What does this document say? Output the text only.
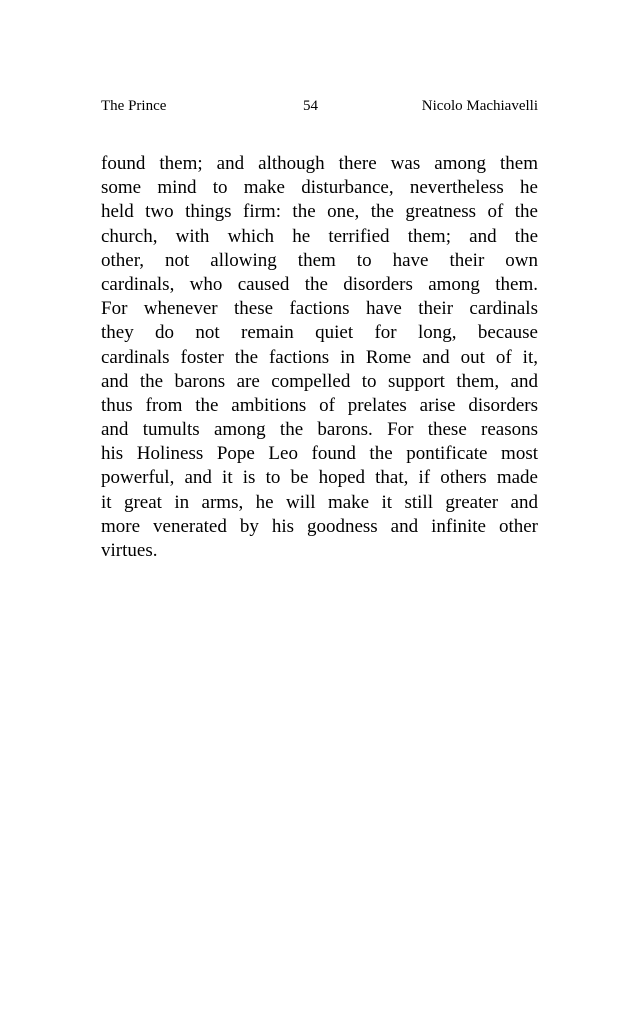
The Prince	54	Nicolo Machiavelli
found them; and although there was among them
some mind to make disturbance, nevertheless he
held two things firm: the one, the greatness of the
church, with which he terrified them; and the
other, not allowing them to have their own
cardinals, who caused the disorders among them.
For whenever these factions have their cardinals
they do not remain quiet for long, because
cardinals foster the factions in Rome and out of it,
and the barons are compelled to support them, and
thus from the ambitions of prelates arise disorders
and tumults among the barons. For these reasons
his Holiness Pope Leo found the pontificate most
powerful, and it is to be hoped that, if others made
it great in arms, he will make it still greater and
more venerated by his goodness and infinite other
virtues.
